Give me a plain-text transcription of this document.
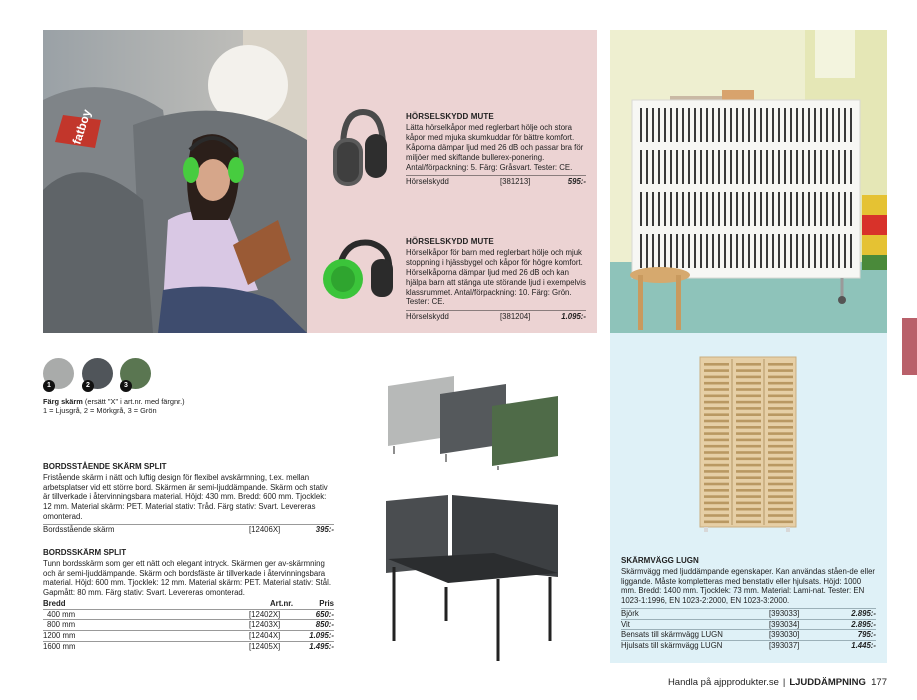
fatboy	HÖRSELSKYDD MUTE

Lätta hörselkåpor med reglerbart hölje och stora kåpor med mjuka skumkuddar för bättre komfort. Kåporna dämpar ljud med 26 dB och passar bra för miljöer med skiftande bullerex-ponering. Antal/förpackning: 5. Färg: Gråsvart. Tester: CE.

Hörselskydd	[381213]	595:-
HÖRSELSKYDD MUTE

Hörselkåpor för barn med reglerbart hölje och mjuk stoppning i hjässbygel och kåpor för högre komfort. Hörselkåporna dämpar ljud med 26 dB och kan hjälpa barn att stänga ute störande ljud i exempelvis klassrummet. Antal/förpackning: 10. Färg: Grön. Tester: CE.

Hörselskydd	[381204]	1.095:-
1	2	3
Färg skärm (ersätt "X" i art.nr. med färgnr.)
1 = Ljusgrå, 2 = Mörkgrå, 3 = Grön
BORDSSTÅENDE SKÄRM SPLIT

Fristående skärm i nätt och luftig design för flexibel avskärmning, t.ex. mellan arbetsplatser vid ett större bord. Skärmen är semi-ljuddämpande. Skärm och stativ är tillverkade i återvinningsbara material. Höjd: 430 mm. Bredd: 600 mm. Tjocklek: 12 mm. Material skärm: PET. Material stativ: Tråd. Färg stativ: Svart. Levereras omonterad.

Bordsstående skärm	[12406X]	395:-
BORDSSKÄRM SPLIT

Tunn bordsskärm som ger ett nätt och elegant intryck. Skärmen ger av-skärmning och är semi-ljuddämpande. Skärm och bordsfäste är tillverkade i återvinningsbara material. Höjd: 600 mm. Tjocklek: 12 mm. Material skärm: PET. Material stativ: Stål. Gapmått: 80 mm. Färg stativ: Svart. Levereras omonterad.

Bredd	Art.nr.	Pris
400 mm	[12402X]	650:-
800 mm	[12403X]	850:-
1200 mm	[12404X]	1.095:-
1600 mm	[12405X]	1.495:-
SKÄRMVÄGG LUGN

Skärmvägg med ljuddämpande egenskaper. Kan användas ståen-de eller liggande. Måste kompletteras med benstativ eller hjulsats. Höjd: 1000 mm. Bredd: 1400 mm. Tjocklek: 73 mm. Material: Lami-nat. Tester: EN 1023-1:1996, EN 1023-2:2000, EN 1023-3:2000.

Björk	[393033]	2.895:-
Vit	[393034]	2.895:-
Bensats till skärmvägg LUGN	[393030]	795:-
Hjulsats till skärmvägg LUGN	[393037]	1.445:-
Handla på ajpprodukter.se | LJUDDÄMPNING 177
